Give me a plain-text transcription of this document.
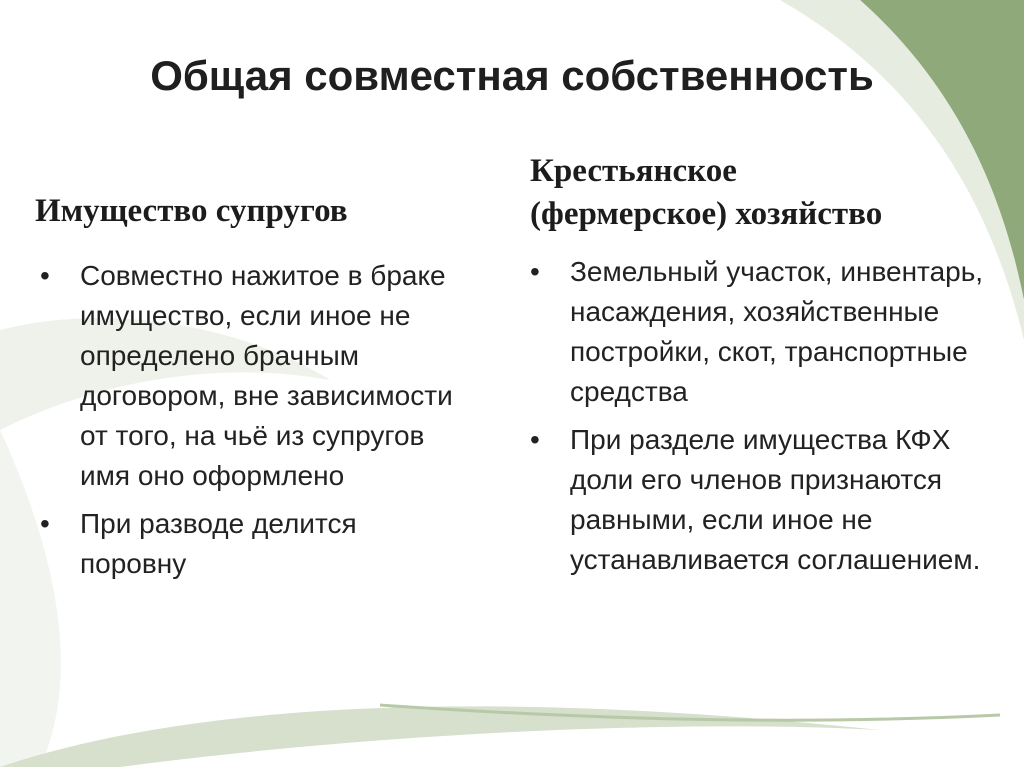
Общая совместная собственность
Имущество супругов
•	Совместно нажитое в браке имущество, если иное не определено брачным договором, вне зависимости от того, на чьё из супругов имя оно оформлено
•	При разводе делится поровну
Крестьянское
(фермерское) хозяйство
•	Земельный участок, инвентарь, насаждения, хозяйственные постройки, скот, транспортные средства
•	При разделе имущества КФХ доли его членов признаются равными, если иное не устанавливается соглашением.
